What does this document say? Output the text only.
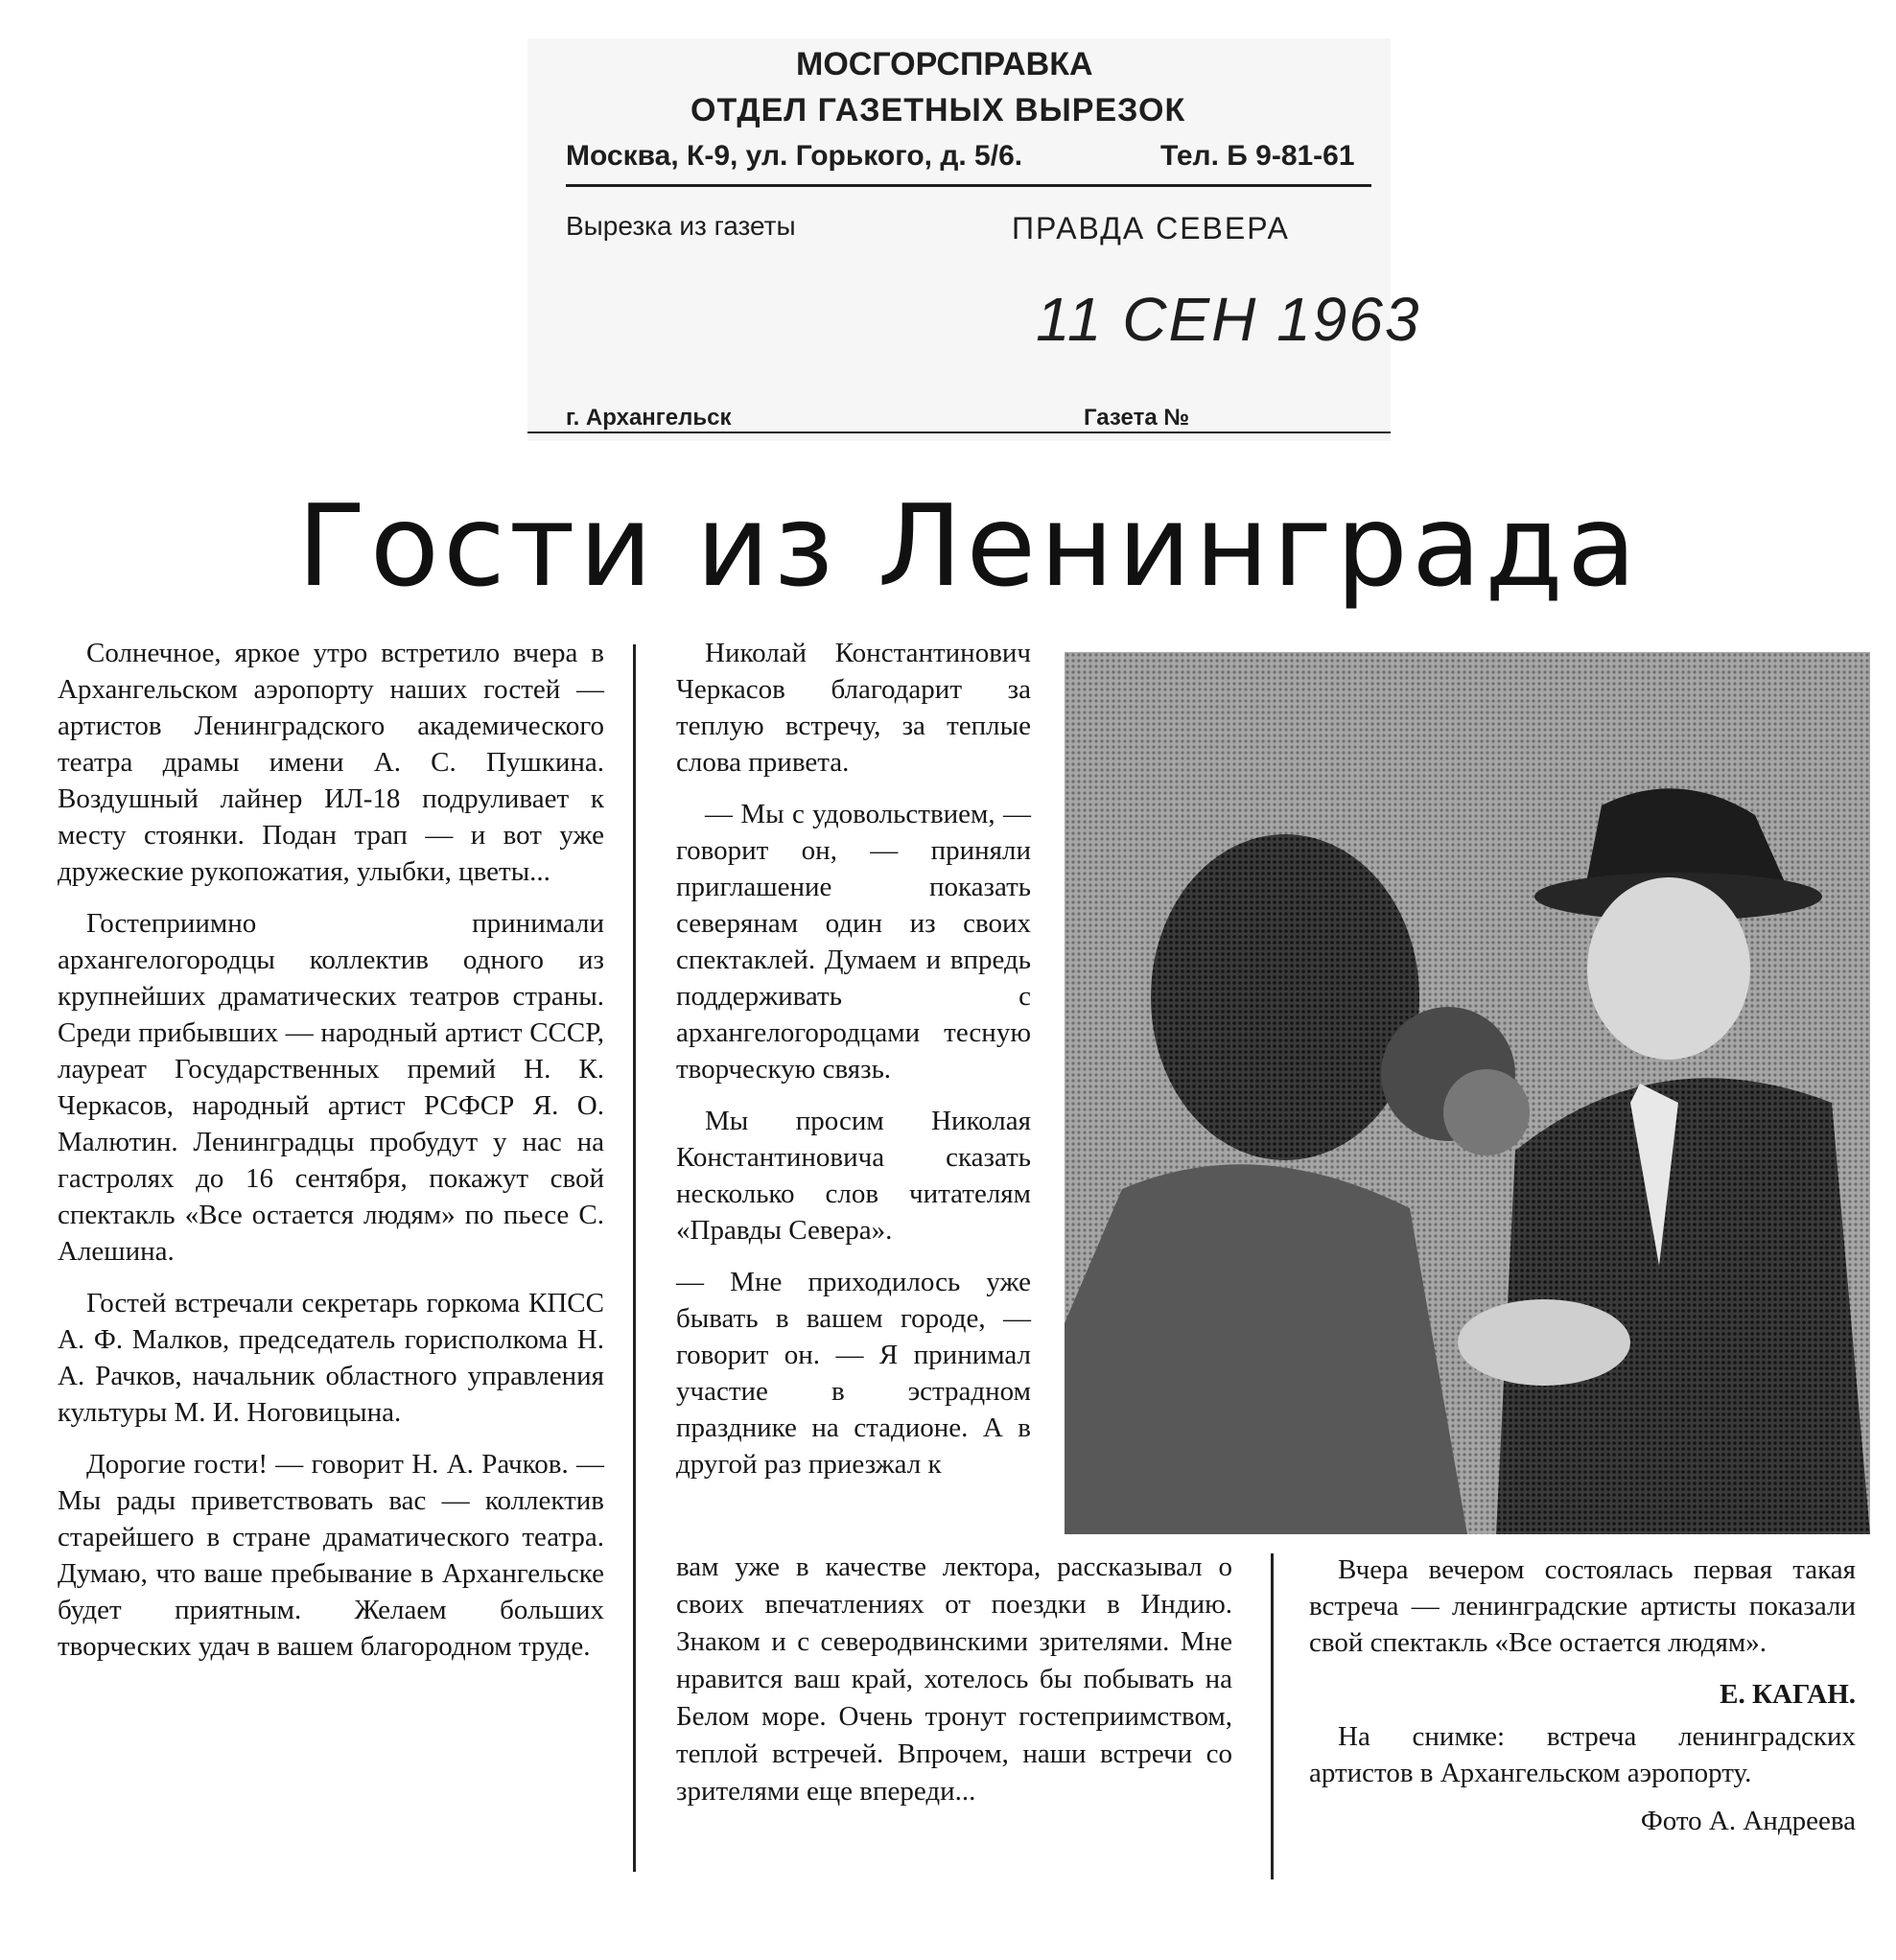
МОСГОРСПРАВКА
ОТДЕЛ ГАЗЕТНЫХ ВЫРЕЗОК
Москва, К-9, ул. Горького, д. 5/6.	Тел. Б 9-81-61
Вырезка из газеты	ПРАВДА СЕВЕРА
11 СЕН 1963
г. Архангельск	Газета №
Гости из Ленинграда

Солнечное, яркое утро встретило вчера в Архангельском аэропорту наших гостей — артистов Ленинградского академического театра драмы имени А. С. Пушкина. Воздушный лайнер ИЛ-18 подруливает к месту стоянки. Подан трап — и вот уже дружеские рукопожатия, улыбки, цветы...

Гостеприимно принимали архангелогородцы коллектив одного из крупнейших драматических театров страны. Среди прибывших — народный артист СССР, лауреат Государственных премий Н. К. Черкасов, народный артист РСФСР Я. О. Малютин. Ленинградцы пробудут у нас на гастролях до 16 сентября, покажут свой спектакль «Все остается людям» по пьесе С. Алешина.

Гостей встречали секретарь горкома КПСС А. Ф. Малков, председатель горисполкома Н. А. Рачков, начальник областного управления культуры М. И. Ноговицына.

Дорогие гости! — говорит Н. А. Рачков. — Мы рады приветствовать вас — коллектив старейшего в стране драматического театра. Думаю, что ваше пребывание в Архангельске будет приятным. Желаем больших творческих удач в вашем благородном труде.

Николай Константинович Черкасов благодарит за теплую встречу, за теплые слова привета.

— Мы с удовольствием, — говорит он, — приняли приглашение показать северянам один из своих спектаклей. Думаем и впредь поддерживать с архангелогородцами тесную творческую связь.

Мы просим Николая Константиновича сказать несколько слов читателям «Правды Севера».

— Мне приходилось уже бывать в вашем городе, — говорит он. — Я принимал участие в эстрадном празднике на стадионе. А в другой раз приезжал к

вам уже в качестве лектора, рассказывал о своих впечатлениях от поездки в Индию. Знаком и с северодвинскими зрителями. Мне нравится ваш край, хотелось бы побывать на Белом море. Очень тронут гостеприимством, теплой встречей. Впрочем, наши встречи со зрителями еще впереди...

Вчера вечером состоялась первая такая встреча — ленинградские артисты показали свой спектакль «Все остается людям».

Е. КАГАН.

На снимке: встреча ленинградских артистов в Архангельском аэропорту.

Фото А. Андреева
